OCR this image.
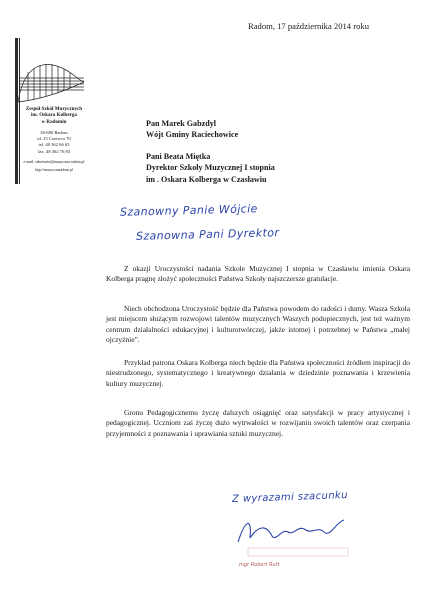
Radom, 17 października 2014 roku
Zespół Szkół Muzycznych
im. Oskara Kolberga
w Radomiu
26-600 Radom
ul. 25 Czerwca 70
tel. 48 362 66 65
fax. 48 362 76 83
e-mail: sekretariat@muzyczna.radom.pl
http://muzycznaradom.pl
Pan Marek Gabzdyl
Wójt Gminy Raciechowice
Pani Beata Miętka
Dyrektor Szkoły Muzycznej I stopnia
im . Oskara Kolberga w Czasławiu
Szanowny Panie Wójcie
Szanowna Pani Dyrektor

Z okazji Uroczystości nadania Szkole Muzycznej I stopnia w Czasławiu imienia Oskara Kolberga pragnę złożyć społeczności Państwa Szkoły najszczersze gratulacje.

Niech obchodzona Uroczystość będzie dla Państwa powodem do radości i dumy. Wasza Szkoła jest miejscem służącym rozwojowi talentów muzycznych Waszych podopiecznych, jest też ważnym centrum działalności edukacyjnej i kulturotwórczej, jakże istotnej i potrzebnej w Państwa „małej ojczyźnie”.

Przykład patrona Oskara Kolberga niech będzie dla Państwa społeczności źródłem inspiracji do niestrudzonego, systematycznego i kreatywnego działania w dziedzinie poznawania i krzewienia kultury muzycznej.

Gronu Pedagogicznemu życzę dalszych osiągnięć oraz satysfakcji w pracy artystycznej i pedagogicznej. Uczniom zaś życzę dużo wytrwałości w rozwijaniu swoich talentów oraz czerpania przyjemności z poznawania i uprawiania sztuki muzycznej.

Z wyrazami szacunku
mgr Robert Rutt
